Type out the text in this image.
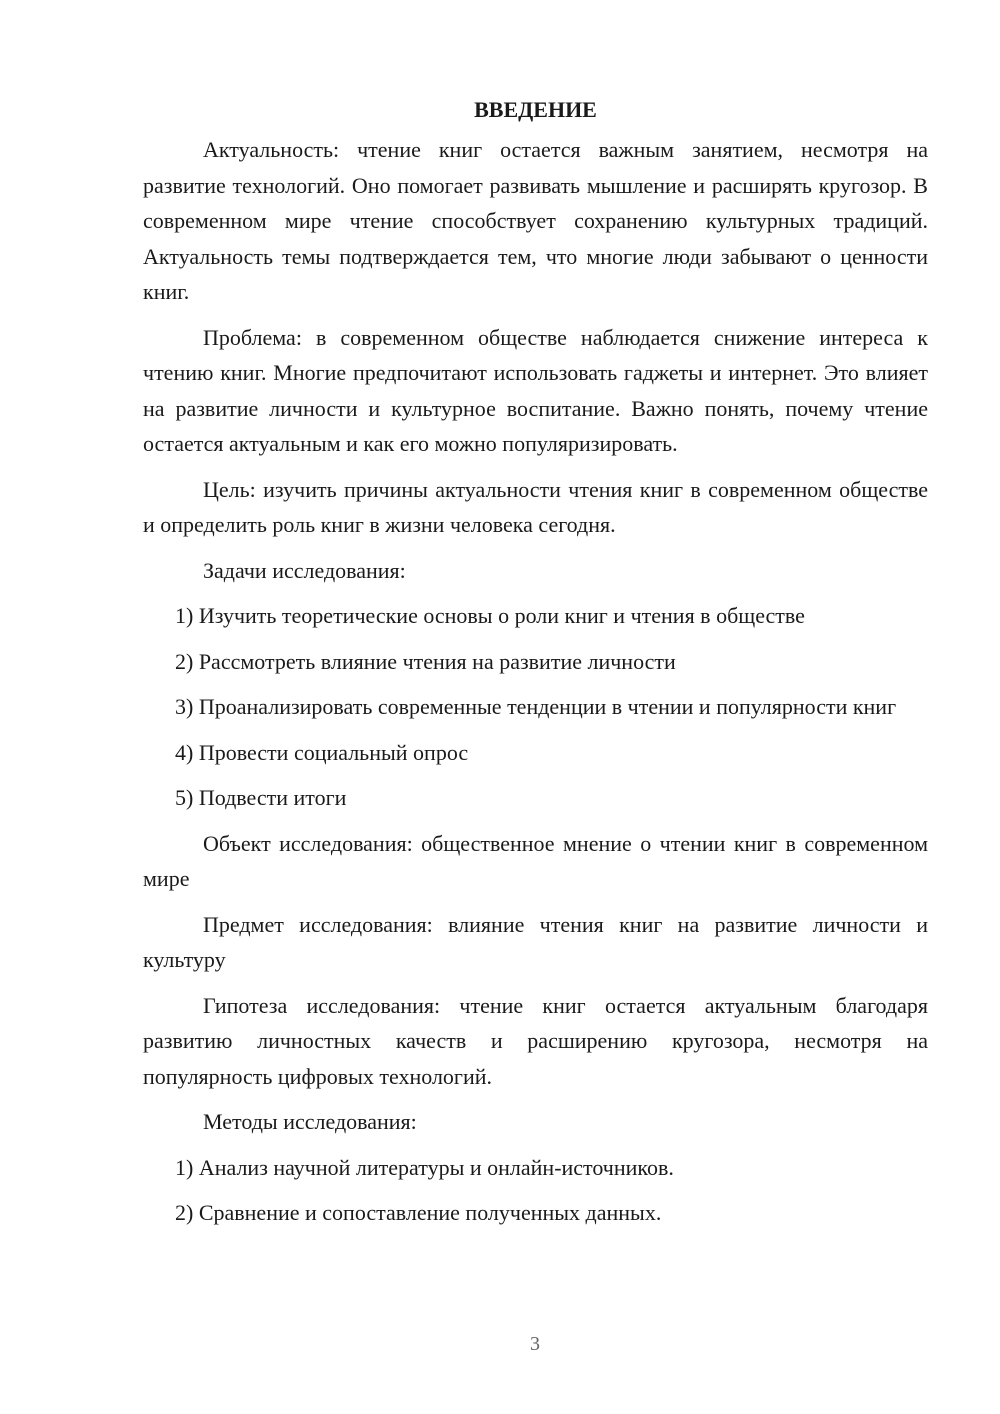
ВВЕДЕНИЕ

Актуальность: чтение книг остается важным занятием, несмотря на развитие технологий. Оно помогает развивать мышление и расширять кругозор. В современном мире чтение способствует сохранению культурных традиций. Актуальность темы подтверждается тем, что многие люди забывают о ценности книг.

Проблема: в современном обществе наблюдается снижение интереса к чтению книг. Многие предпочитают использовать гаджеты и интернет. Это влияет на развитие личности и культурное воспитание. Важно понять, почему чтение остается актуальным и как его можно популяризировать.

Цель: изучить причины актуальности чтения книг в современном обществе и определить роль книг в жизни человека сегодня.

Задачи исследования:

1) Изучить теоретические основы о роли книг и чтения в обществе

2) Рассмотреть влияние чтения на развитие личности

3) Проанализировать современные тенденции в чтении и популярности книг

4) Провести социальный опрос

5) Подвести итоги

Объект исследования: общественное мнение о чтении книг в современном мире

Предмет исследования: влияние чтения книг на развитие личности и культуру

Гипотеза исследования: чтение книг остается актуальным благодаря развитию личностных качеств и расширению кругозора, несмотря на популярность цифровых технологий.

Методы исследования:

1) Анализ научной литературы и онлайн-источников.

2) Сравнение и сопоставление полученных данных.

3
